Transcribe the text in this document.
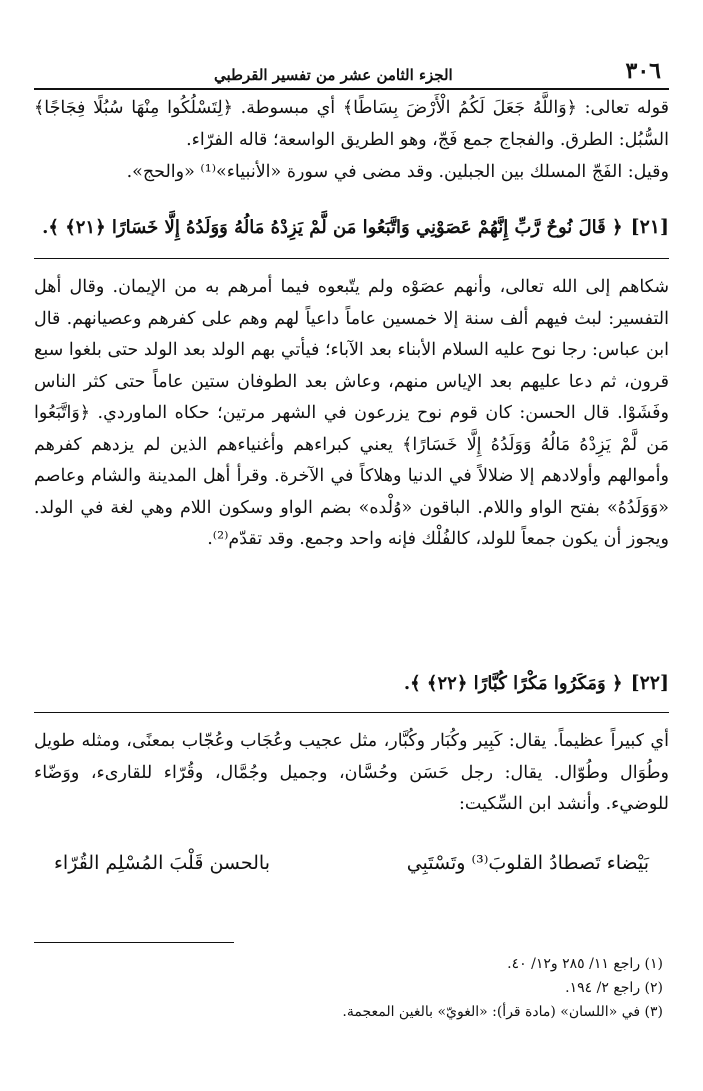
٣٠٦
الجزء الثامن عشر من تفسير القرطبي
قوله تعالى: ﴿وَاللَّهُ جَعَلَ لَكُمُ الْأَرْضَ بِسَاطًا﴾ أي مبسوطة. ﴿لِتَسْلُكُوا مِنْهَا سُبُلًا فِجَاجًا﴾ السُّبُل: الطرق. والفجاج جمع فَجّ، وهو الطريق الواسعة؛ قاله الفرّاء.
وقيل: الفَجّ المسلك بين الجبلين. وقد مضى في سورة «الأنبياء»⁽¹⁾ «والحج».
[٢١]
﴿ قَالَ نُوحٌ رَّبِّ إِنَّهُمْ عَصَوْنِي وَاتَّبَعُوا مَن لَّمْ يَزِدْهُ مَالُهُ وَوَلَدُهُ إِلَّا خَسَارًا ﴿٢١﴾ ﴾.
شكاهم إلى الله تعالى، وأنهم عصَوْه ولم يتّبعوه فيما أمرهم به من الإيمان. وقال أهل التفسير: لبث فيهم ألف سنة إلا خمسين عاماً داعياً لهم وهم على كفرهم وعصيانهم. قال ابن عباس: رجا نوح عليه السلام الأبناء بعد الآباء؛ فيأتي بهم الولد بعد الولد حتى بلغوا سبع قرون، ثم دعا عليهم بعد الإياس منهم، وعاش بعد الطوفان ستين عاماً حتى كثر الناس وفَشَوْا. قال الحسن: كان قوم نوح يزرعون في الشهر مرتين؛ حكاه الماوردي. ﴿وَاتَّبَعُوا مَن لَّمْ يَزِدْهُ مَالُهُ وَوَلَدُهُ إِلَّا خَسَارًا﴾ يعني كبراءهم وأغنياءهم الذين لم يزدهم كفرهم وأموالهم وأولادهم إلا ضلالاً في الدنيا وهلاكاً في الآخرة. وقرأ أهل المدينة والشام وعاصم «وَوَلَدُهُ» بفتح الواو واللام. الباقون «وُلْده» بضم الواو وسكون اللام وهي لغة في الولد. ويجوز أن يكون جمعاً للولد، كالفُلْك فإنه واحد وجمع. وقد تقدّم⁽²⁾.
[٢٢]
﴿ وَمَكَرُوا مَكْرًا كُبَّارًا ﴿٢٢﴾ ﴾.
أي كبيراً عظيماً. يقال: كَبِير وكُبَار وكُبَّار، مثل عجيب وعُجَاب وعُجّاب بمعنًى، ومثله طويل وطُوَال وطُوّال. يقال: رجل حَسَن وحُسَّان، وجميل وجُمَّال، وقُرّاء للقارىء، ووَضّاء للوضيء. وأنشد ابن السِّكيت:
بَيْضاء تَصطادُ القلوبَ⁽³⁾ وتَسْتَبِي
بالحسن قَلْبَ المُسْلِم القُرّاء
(١) راجع ١١/ ٢٨٥ و١٢/ ٤٠.
(٢) راجع ٢/ ١٩٤.
(٣) في «اللسان» (مادة قرأ): «الغويّ» بالغين المعجمة.
